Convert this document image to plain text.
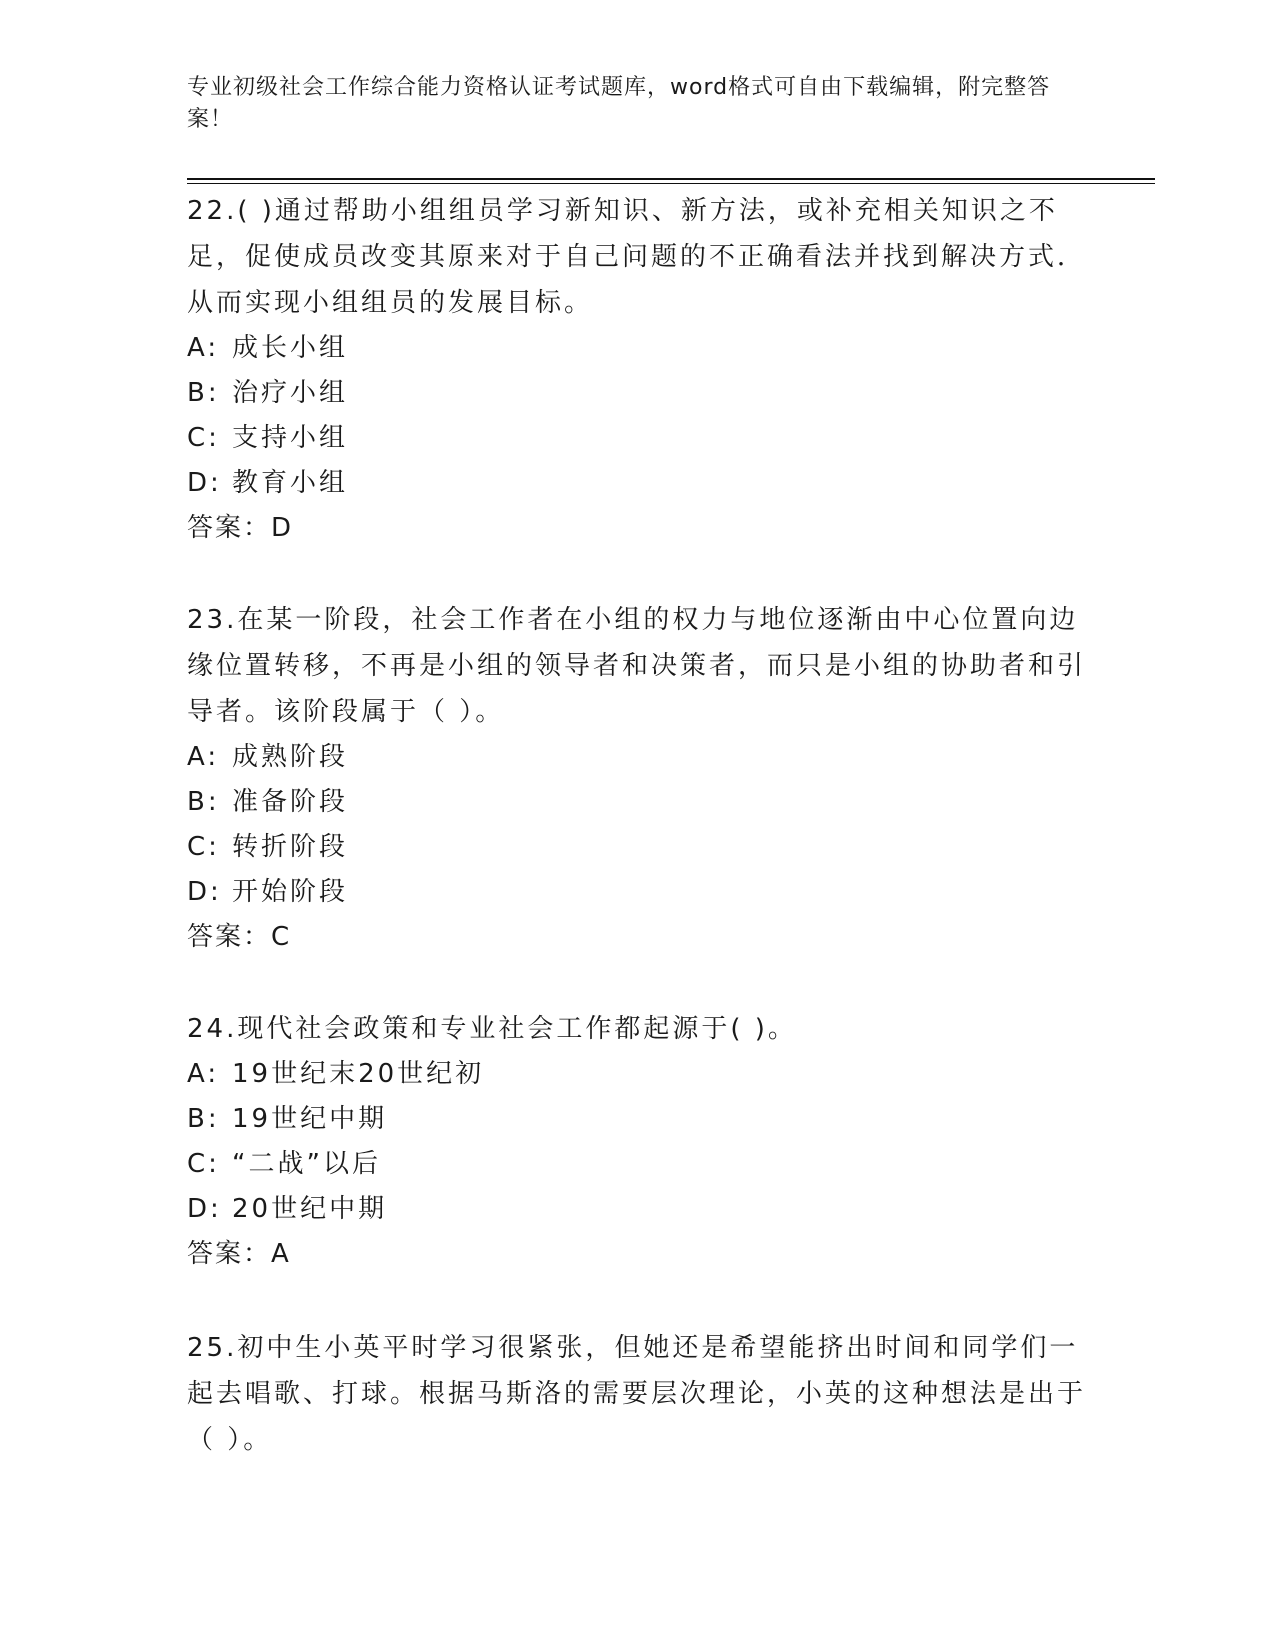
专业初级社会工作综合能力资格认证考试题库，word格式可自由下载编辑，附完整答案！

22.( )通过帮助小组组员学习新知识、新方法，或补充相关知识之不足，促使成员改变其原来对于自己问题的不正确看法并找到解决方式．从而实现小组组员的发展目标。

A: 成长小组

B: 治疗小组

C: 支持小组

D: 教育小组

答案：D

23.在某一阶段，社会工作者在小组的权力与地位逐渐由中心位置向边缘位置转移，不再是小组的领导者和决策者，而只是小组的协助者和引导者。该阶段属于（ ）。

A: 成熟阶段

B: 准备阶段

C: 转折阶段

D: 开始阶段

答案：C

24.现代社会政策和专业社会工作都起源于( )。

A: 19世纪末20世纪初

B: 19世纪中期

C: “二战”以后

D: 20世纪中期

答案：A

25.初中生小英平时学习很紧张，但她还是希望能挤出时间和同学们一起去唱歌、打球。根据马斯洛的需要层次理论，小英的这种想法是出于（ ）。
